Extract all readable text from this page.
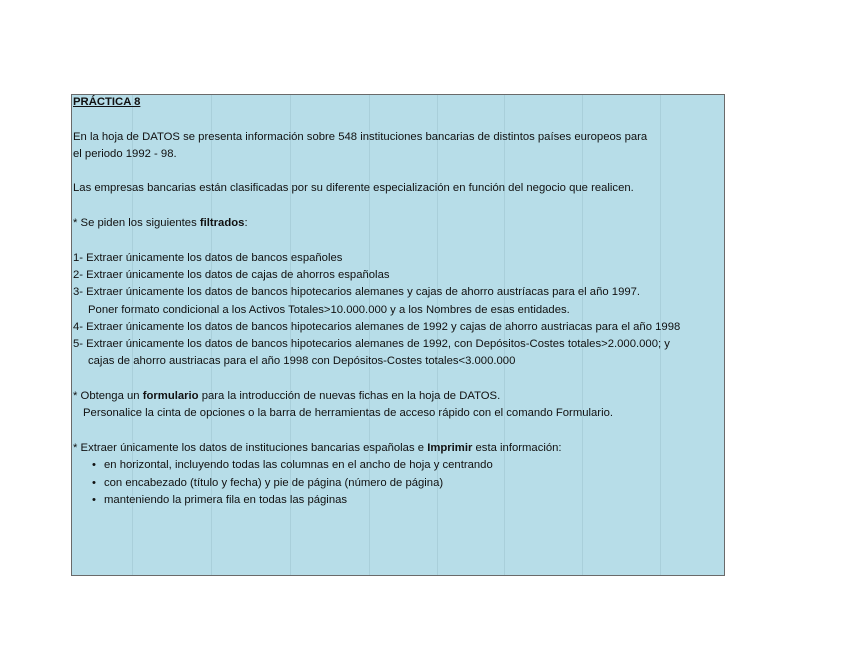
PRÁCTICA 8
En la hoja de DATOS se presenta información sobre 548 instituciones bancarias de distintos países europeos para
el periodo 1992 - 98.
Las empresas bancarias están clasificadas por su diferente especialización en función del negocio que realicen.
* Se piden los siguientes filtrados:
1- Extraer únicamente los datos de bancos españoles
2- Extraer únicamente los datos de cajas de ahorros españolas
3- Extraer únicamente los datos de bancos hipotecarios alemanes y cajas de ahorro austríacas para el año 1997.
Poner formato condicional a los Activos Totales>10.000.000 y a los Nombres de esas entidades.
4- Extraer únicamente los datos de bancos hipotecarios alemanes de 1992 y cajas de ahorro austriacas para el año 1998
5- Extraer únicamente los datos de bancos hipotecarios alemanes de 1992, con Depósitos-Costes totales>2.000.000; y
cajas de ahorro austriacas para el año 1998 con Depósitos-Costes totales<3.000.000
* Obtenga un formulario para la introducción de nuevas fichas en la hoja de DATOS.
Personalice la cinta de opciones o la barra de herramientas de acceso rápido con el comando Formulario.
* Extraer únicamente los datos de instituciones bancarias españolas e Imprimir esta información:
• en horizontal, incluyendo todas las columnas en el ancho de hoja y centrando
• con encabezado (título y fecha) y pie de página (número de página)
• manteniendo la primera fila en todas las páginas
